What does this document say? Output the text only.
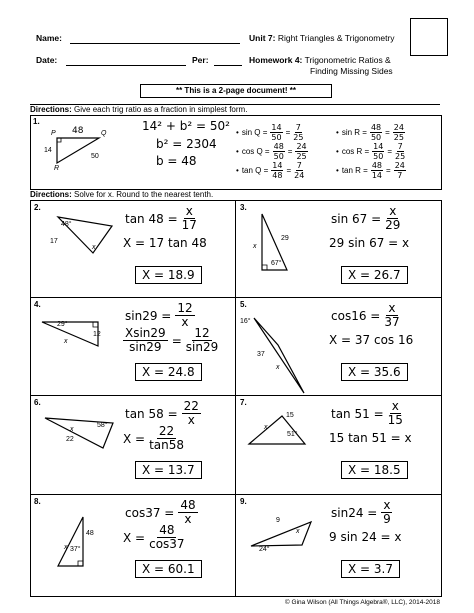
Name:
Date:	Per:
Unit 7: Right Triangles & Trigonometry
Homework 4: Trigonometric Ratios &
Finding Missing Sides
** This is a 2-page document! **
Directions: Give each trig ratio as a fraction in simplest form.
1.
P	Q
R
48
14
50
14² + b² = 50²
b² = 2304
b = 48
• $\sin Q = \frac{14}{50} = \frac{7}{25}$	• $\sin R = \frac{48}{50} = \frac{24}{25}$
• $\cos Q = \frac{48}{50} = \frac{24}{25}$	• $\cos R = \frac{14}{50} = \frac{7}{25}$
• $\tan Q = \frac{14}{48} = \frac{7}{24}$	• $\tan R = \frac{48}{14} = \frac{24}{7}$
Directions: Solve for x. Round to the nearest tenth.
2.
48°
17
x
$\tan 48 = \frac{x}{17}$
X = 17 tan 48
X = 18.9
3.
67°
29
x
$\sin 67 = \frac{x}{29}$
29 sin 67 = x
X = 26.7
4.
29°
12
x
$\sin 29 = \frac{12}{x}$
$\frac{Xsin29}{\sin 29} = \frac{12}{\sin 29}$
X = 24.8
5.
16°
37
x
$\cos 16 = \frac{x}{37}$
X = 37 cos 16
X = 35.6
6.
58°
22
x
$\tan 58 = \frac{22}{x}$
$X = \frac{22}{\tan 58}$
X = 13.7
7.
51°
15
x
$\tan 51 = \frac{x}{15}$
15 tan 51 = x
X = 18.5
8.
37°
48
x
$\cos 37 = \frac{48}{x}$
$X = \frac{48}{\cos 37}$
X = 60.1
9.
24°
9
x
$\sin 24 = \frac{x}{9}$
9 sin 24 = x
X = 3.7
© Gina Wilson (All Things Algebra®, LLC), 2014-2018
